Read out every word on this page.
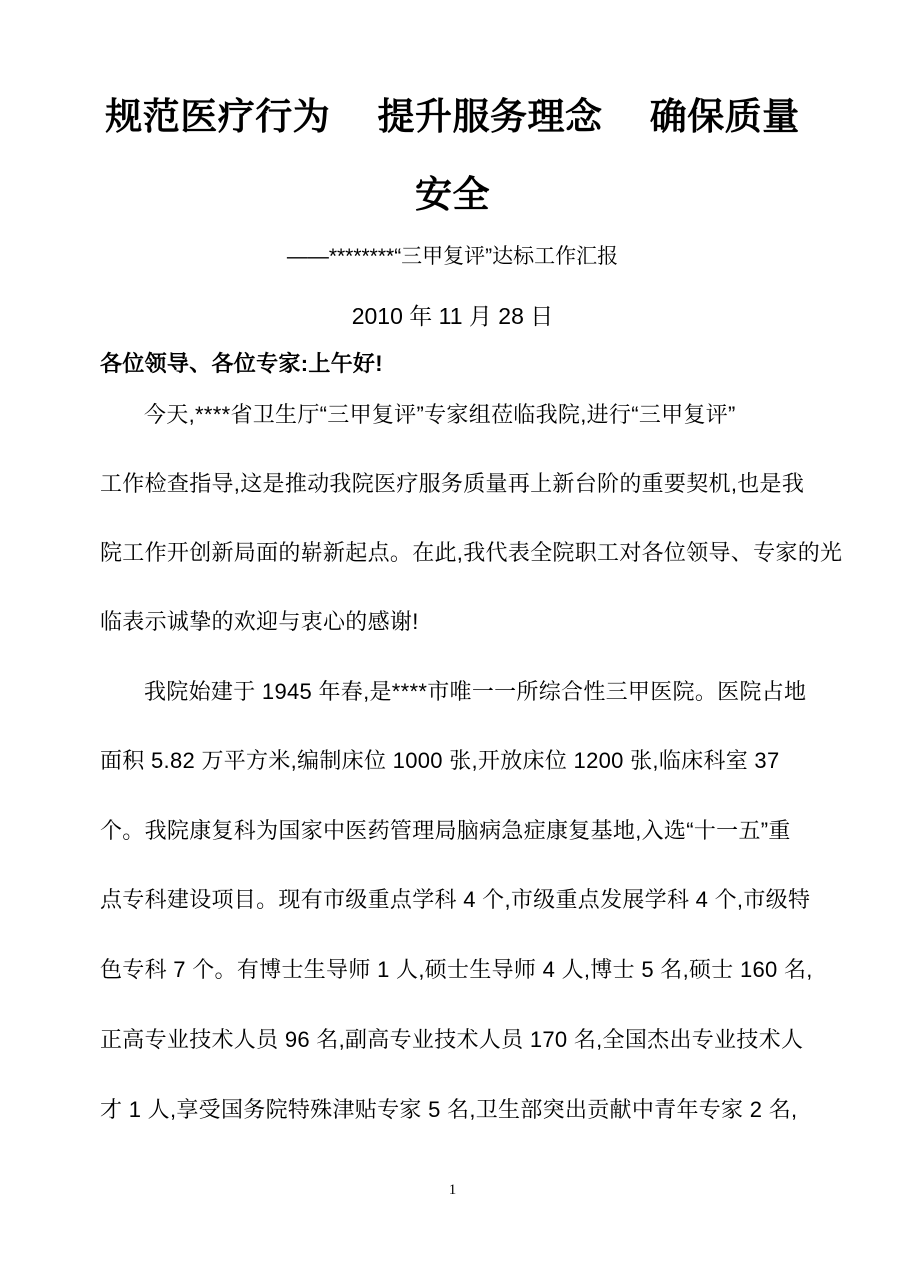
规范医疗行为　 提升服务理念　 确保质量
安全
——********“三甲复评”达标工作汇报
2010 年 11 月 28 日
各位领导、各位专家:上午好!
今天,****省卫生厅“三甲复评”专家组莅临我院,进行“三甲复评”
工作检查指导,这是推动我院医疗服务质量再上新台阶的重要契机,也是我
院工作开创新局面的崭新起点。在此,我代表全院职工对各位领导、专家的光
临表示诚挚的欢迎与衷心的感谢!
我院始建于 1945 年春,是****市唯一一所综合性三甲医院。医院占地
面积 5.82 万平方米,编制床位 1000 张,开放床位 1200 张,临床科室 37
个。我院康复科为国家中医药管理局脑病急症康复基地,入选“十一五”重
点专科建设项目。现有市级重点学科 4 个,市级重点发展学科 4 个,市级特
色专科 7 个。有博士生导师 1 人,硕士生导师 4 人,博士 5 名,硕士 160 名,
正高专业技术人员 96 名,副高专业技术人员 170 名,全国杰出专业技术人
才 1 人,享受国务院特殊津贴专家 5 名,卫生部突出贡献中青年专家 2 名,
1
